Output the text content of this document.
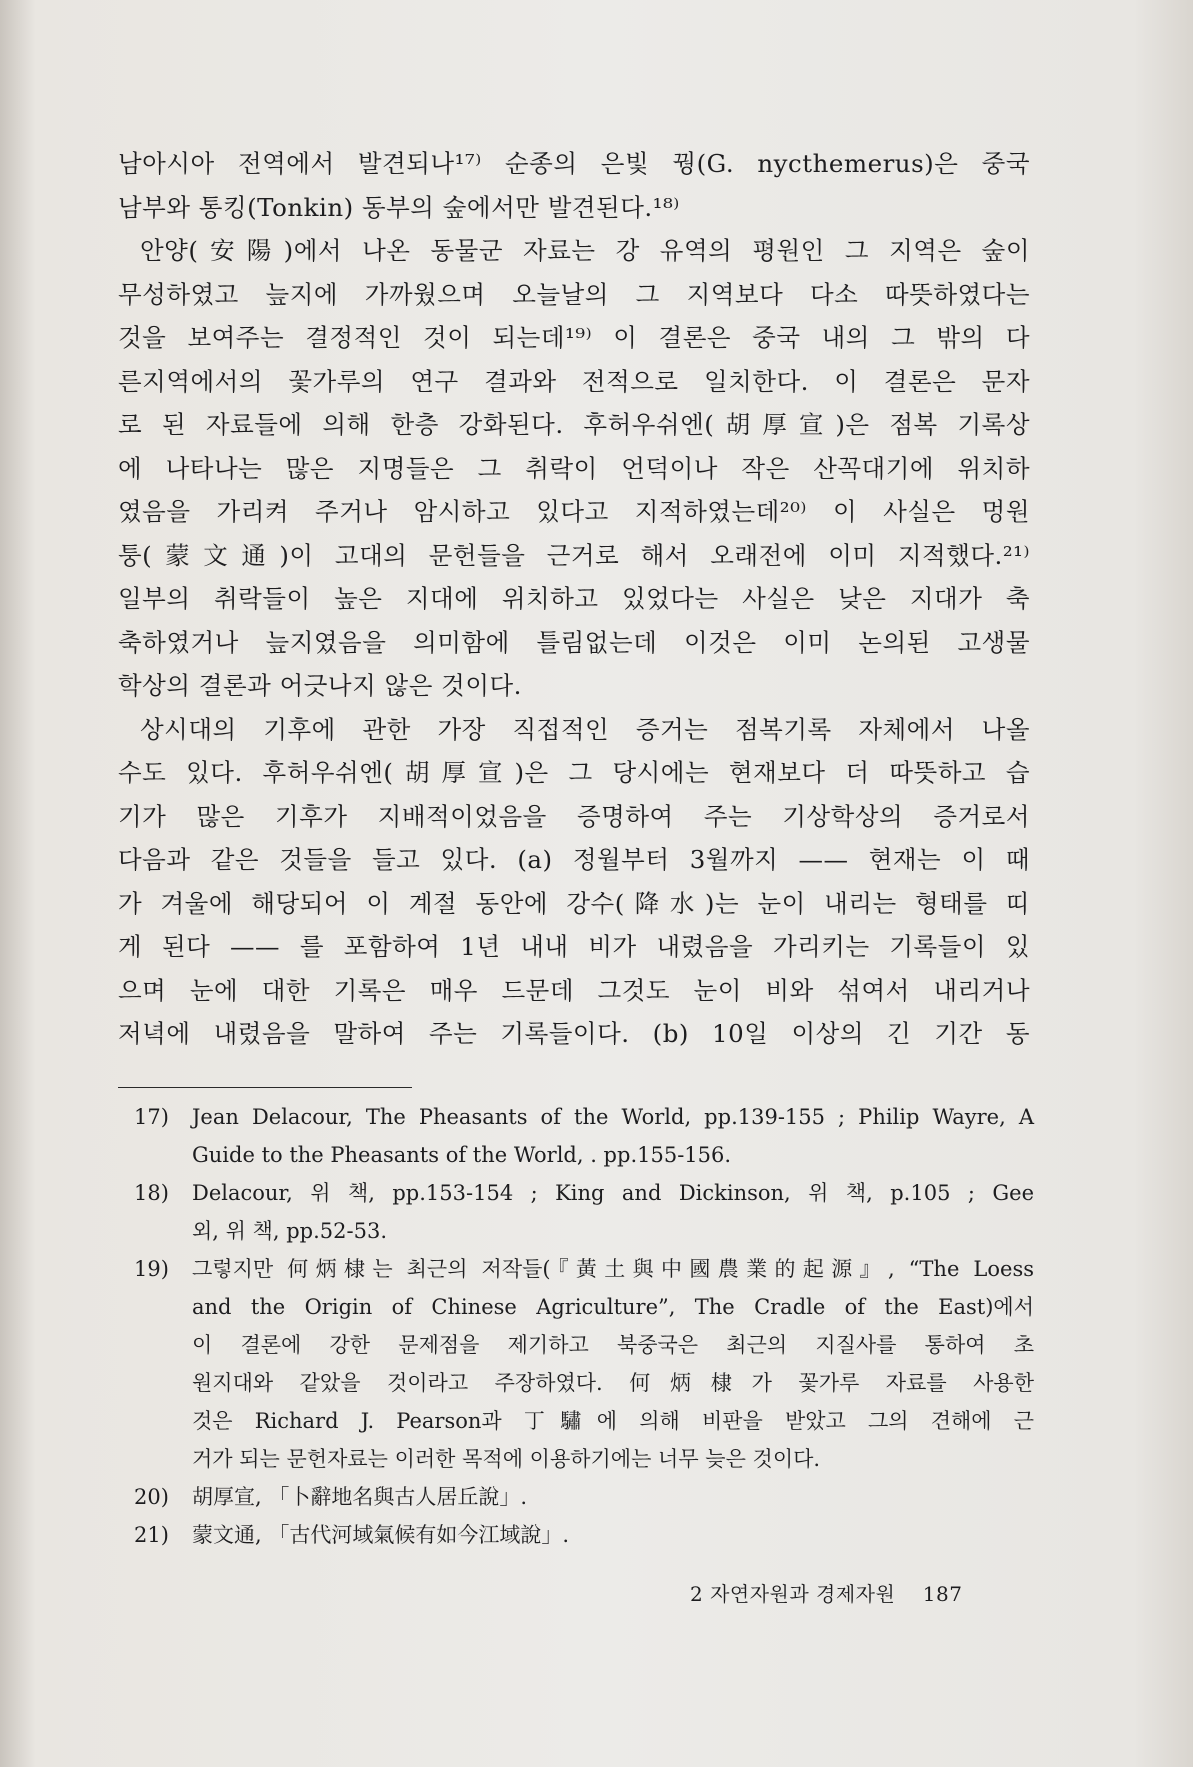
남아시아 전역에서 발견되나¹⁷⁾ 순종의 은빛 꿩(G. nycthemerus)은 중국
남부와 통킹(Tonkin) 동부의 숲에서만 발견된다.¹⁸⁾
안양(安陽)에서 나온 동물군 자료는 강 유역의 평원인 그 지역은 숲이
무성하였고 늪지에 가까웠으며 오늘날의 그 지역보다 다소 따뜻하였다는
것을 보여주는 결정적인 것이 되는데¹⁹⁾ 이 결론은 중국 내의 그 밖의 다
른지역에서의 꽃가루의 연구 결과와 전적으로 일치한다. 이 결론은 문자
로 된 자료들에 의해 한층 강화된다. 후허우쉬엔(胡厚宣)은 점복 기록상
에 나타나는 많은 지명들은 그 취락이 언덕이나 작은 산꼭대기에 위치하
였음을 가리켜 주거나 암시하고 있다고 지적하였는데²⁰⁾ 이 사실은 멍원
퉁(蒙文通)이 고대의 문헌들을 근거로 해서 오래전에 이미 지적했다.²¹⁾
일부의 취락들이 높은 지대에 위치하고 있었다는 사실은 낮은 지대가 축
축하였거나 늪지였음을 의미함에 틀림없는데 이것은 이미 논의된 고생물
학상의 결론과 어긋나지 않은 것이다.
상시대의 기후에 관한 가장 직접적인 증거는 점복기록 자체에서 나올
수도 있다. 후허우쉬엔(胡厚宣)은 그 당시에는 현재보다 더 따뜻하고 습
기가 많은 기후가 지배적이었음을 증명하여 주는 기상학상의 증거로서
다음과 같은 것들을 들고 있다. (a) 정월부터 3월까지 —— 현재는 이 때
가 겨울에 해당되어 이 계절 동안에 강수(降水)는 눈이 내리는 형태를 띠
게 된다 —— 를 포함하여 1년 내내 비가 내렸음을 가리키는 기록들이 있
으며 눈에 대한 기록은 매우 드문데 그것도 눈이 비와 섞여서 내리거나
저녁에 내렸음을 말하여 주는 기록들이다. (b) 10일 이상의 긴 기간 동
17) Jean Delacour, The Pheasants of the World, pp.139-155 ; Philip Wayre, A
Guide to the Pheasants of the World, . pp.155-156.
18) Delacour, 위 책, pp.153-154 ; King and Dickinson, 위 책, p.105 ; Gee
외, 위 책, pp.52-53.
19) 그렇지만 何炳棣는 최근의 저작들(『黃土與中國農業的起源』, “The Loess
and the Origin of Chinese Agriculture”, The Cradle of the East)에서
이 결론에 강한 문제점을 제기하고 북중국은 최근의 지질사를 통하여 초
원지대와 같았을 것이라고 주장하였다. 何炳棣가 꽃가루 자료를 사용한
것은 Richard J. Pearson과 丁驌에 의해 비판을 받았고 그의 견해에 근
거가 되는 문헌자료는 이러한 목적에 이용하기에는 너무 늦은 것이다.
20) 胡厚宣, 「卜辭地名與古人居丘說」.
21) 蒙文通, 「古代河域氣候有如今江域說」.
2 자연자원과 경제자원 187
